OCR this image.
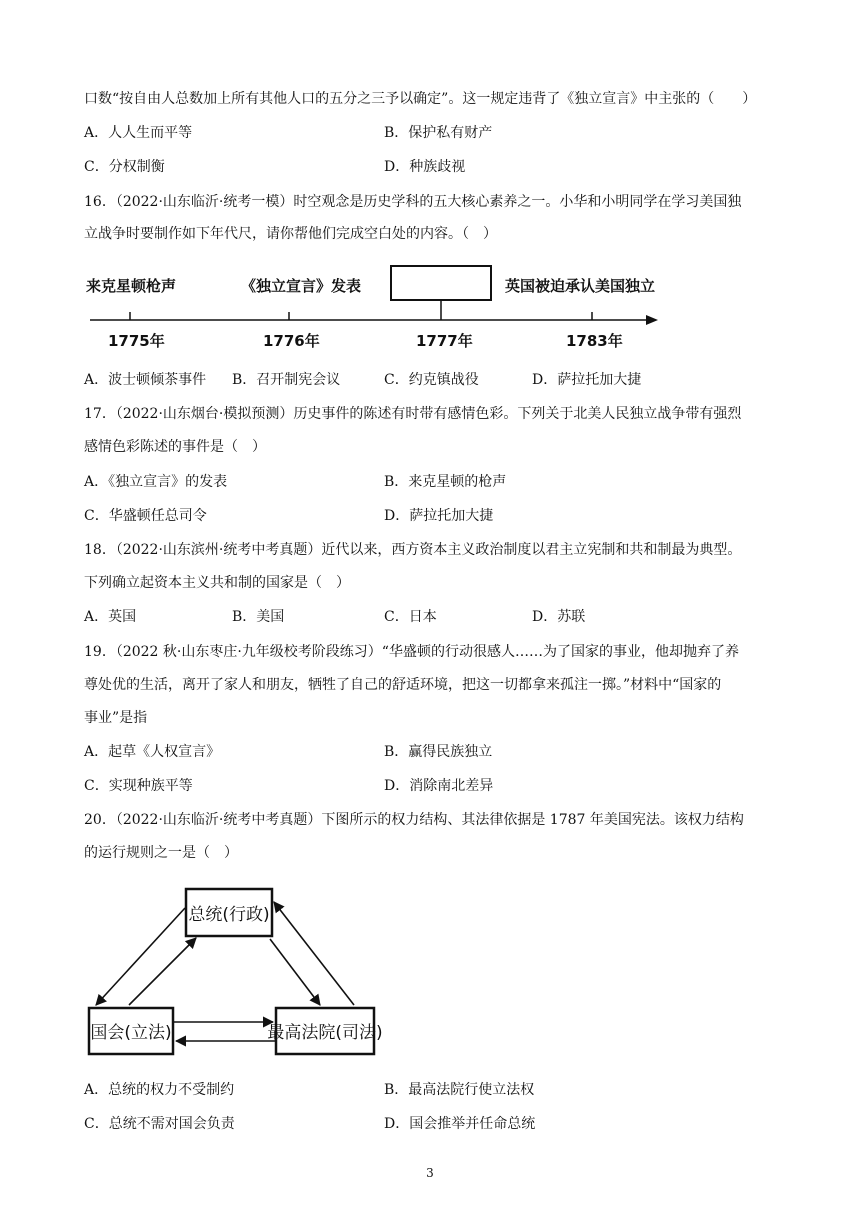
口数“按自由人总数加上所有其他人口的五分之三予以确定”。这一规定违背了《独立宣言》中主张的（　　）
A．人人生而平等	B．保护私有财产
C．分权制衡	D．种族歧视
16．（2022·山东临沂·统考一模）时空观念是历史学科的五大核心素养之一。小华和小明同学在学习美国独
立战争时要制作如下年代尺，请你帮他们完成空白处的内容。（　）
来克星顿枪声	《独立宣言》发表	英国被迫承认美国独立
1775年	1776年	1777年	1783年
A．波士顿倾茶事件 B．召开制宪会议	C．约克镇战役	D．萨拉托加大捷
17．（2022·山东烟台·模拟预测）历史事件的陈述有时带有感情色彩。下列关于北美人民独立战争带有强烈
感情色彩陈述的事件是（　）
A．《独立宣言》的发表	B．来克星顿的枪声
C．华盛顿任总司令	D．萨拉托加大捷
18．（2022·山东滨州·统考中考真题）近代以来，西方资本主义政治制度以君主立宪制和共和制最为典型。
下列确立起资本主义共和制的国家是（　）
A．英国	B．美国	C．日本	D．苏联
19．（2022 秋·山东枣庄·九年级校考阶段练习）“华盛顿的行动很感人……为了国家的事业，他却抛弃了养
尊处优的生活，离开了家人和朋友，牺牲了自己的舒适环境，把这一切都拿来孤注一掷。”材料中“国家的
事业”是指
A．起草《人权宣言》	B．赢得民族独立
C．实现种族平等	D．消除南北差异
20．（2022·山东临沂·统考中考真题）下图所示的权力结构、其法律依据是 1787 年美国宪法。该权力结构
的运行规则之一是（　）
总统(行政)
国会(立法)	最高法院(司法)
A．总统的权力不受制约	B．最高法院行使立法权
C．总统不需对国会负责	D．国会推举并任命总统
3
